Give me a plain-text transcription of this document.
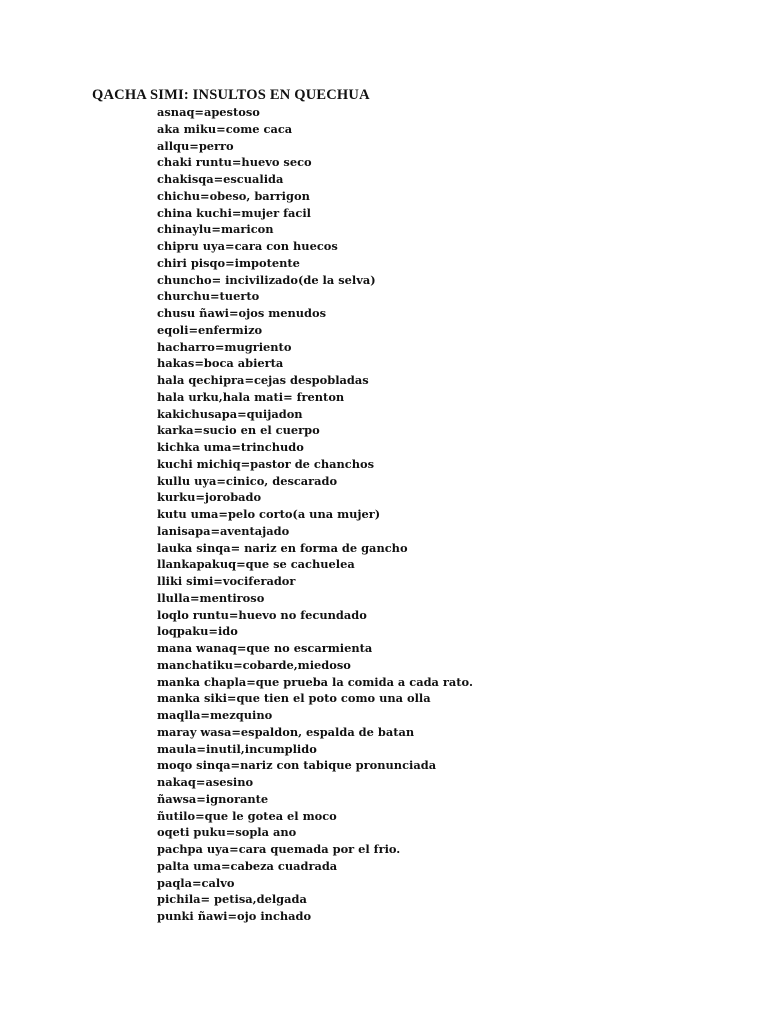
QACHA SIMI: INSULTOS EN QUECHUA
asnaq=apestoso
aka miku=come caca
allqu=perro
chaki runtu=huevo seco
chakisqa=escualida
chichu=obeso, barrigon
china kuchi=mujer facil
chinaylu=maricon
chipru uya=cara con huecos
chiri pisqo=impotente
chuncho= incivilizado(de la selva)
churchu=tuerto
chusu ñawi=ojos menudos
eqoli=enfermizo
hacharro=mugriento
hakas=boca abierta
hala qechipra=cejas despobladas
hala urku,hala mati= frenton
kakichusapa=quijadon
karka=sucio en el cuerpo
kichka uma=trinchudo
kuchi michiq=pastor de chanchos
kullu uya=cinico, descarado
kurku=jorobado
kutu uma=pelo corto(a una mujer)
lanisapa=aventajado
lauka sinqa= nariz en forma de gancho
llankapakuq=que se cachuelea
lliki simi=vociferador
llulla=mentiroso
loqlo runtu=huevo no fecundado
loqpaku=ido
mana wanaq=que no escarmienta
manchatiku=cobarde,miedoso
manka chapla=que prueba la comida a cada rato.
manka siki=que tien el poto como una olla
maqlla=mezquino
maray wasa=espaldon, espalda de batan
maula=inutil,incumplido
moqo sinqa=nariz con tabique pronunciada
nakaq=asesino
ñawsa=ignorante
ñutilo=que le gotea el moco
oqeti puku=sopla ano
pachpa uya=cara quemada por el frio.
palta uma=cabeza cuadrada
paqla=calvo
pichila= petisa,delgada
punki ñawi=ojo inchado
